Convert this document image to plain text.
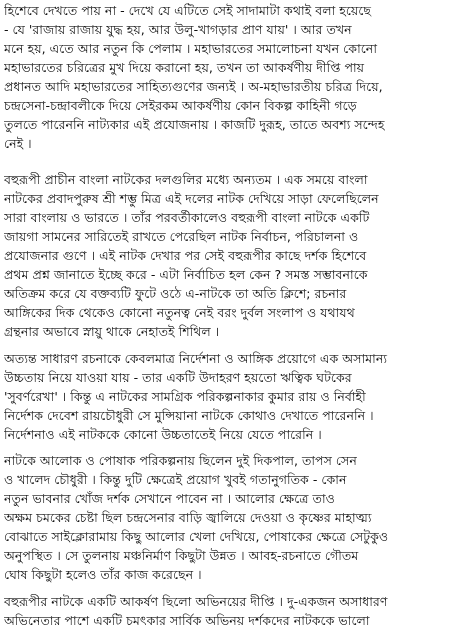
হিশেবে দেখতে পায় না - দেখে যে এটিতে সেই সাদামাটা কথাই বলা হয়েছে
- যে 'রাজায় রাজায় যুদ্ধ হয়, আর উলু-খাগড়ার প্রাণ যায়' । আর তখন
মনে হয়, এতে আর নতুন কি পেলাম । মহাভারতের সমালোচনা যখন কোনো
মহাভারতের চরিত্রের মুখ দিয়ে করানো হয়, তখন তা আকর্ষণীয় দীপ্তি পায়
প্রধানত আদি মহাভারতের সাহিত্যগুণের জন্যই । অ-মহাভারতীয় চরিত্র দিয়ে,
চন্দ্রসেনা-চন্দ্রাবলীকে দিয়ে সেইরকম আকর্ষণীয় কোন বিকল্প কাহিনী গড়ে
তুলতে পারেননি নাট্যকার এই প্রযোজনায় । কাজটি দুরূহ, তাতে অবশ্য সন্দেহ
নেই ।
বহুরূপী প্রাচীন বাংলা নাটকের দলগুলির মধ্যে অন্যতম । এক সময়ে বাংলা
নাটকের প্রবাদপুরুষ শ্রী শম্ভু মিত্র এই দলের নাটক দেখিয়ে সাড়া ফেলেছিলেন
সারা বাংলায় ও ভারতে । তাঁর পরবর্তীকালেও বহুরূপী বাংলা নাটকে একটি
জায়গা সামনের সারিতেই রাখতে পেরেছিল নাটক নির্বাচন, পরিচালনা ও
প্রযোজনার গুণে । এই নাটক দেখার পর সেই বহুরূপীর কাছে দর্শক হিশেবে
প্রথম প্রশ্ন জানাতে ইচ্ছে করে - এটা নির্বাচিত হল কেন ? সমস্ত সম্ভাবনাকে
অতিক্রম করে যে বক্তব্যটি ফুটে ওঠে এ-নাটকে তা অতি ক্লিশে; রচনার
আঙ্গিকের দিক থেকেও কোনো নতুনত্ব নেই বরং দুর্বল সংলাপ ও যথাযথ
গ্রন্থনার অভাবে স্নায়ু থাকে নেহাতই শিথিল ।
অত্যন্ত সাধারণ রচনাকে কেবলমাত্র নির্দেশনা ও আঙ্গিক প্রয়োগে এক অসামান্য
উচ্চতায় নিয়ে যাওয়া যায় - তার একটি উদাহরণ হয়তো ঋত্বিক ঘটকের
'সুবর্ণরেখা' । কিন্তু এ নাটকের সামগ্রিক পরিকল্পনাকার কুমার রায় ও নির্বাহী
নির্দেশক দেবেশ রায়চৌধুরী সে মুন্সিয়ানা নাটকে কোথাও দেখাতে পারেননি ।
নির্দেশনাও এই নাটককে কোনো উচ্চতাতেই নিয়ে যেতে পারেনি ।
নাটকে আলোক ও পোষাক পরিকল্পনায় ছিলেন দুই দিকপাল, তাপস সেন
ও খালেদ চৌধুরী । কিন্তু দুটি ক্ষেত্রেই প্রয়োগ খুবই গতানুগতিক - কোন
নতুন ভাবনার খোঁজ দর্শক সেখানে পাবেন না । আলোর ক্ষেত্রে তাও
অক্ষম চমকের চেষ্টা ছিল চন্দ্রসেনার বাড়ি জ্বালিয়ে দেওয়া ও কৃষ্ণের মাহাত্ম্য
বোঝাতে সাইক্লোরামায় কিছু আলোর খেলা দেখিয়ে, পোষাকের ক্ষেত্রে সেটুকুও
অনুপস্থিত । সে তুলনায় মঞ্চনির্মাণ কিছুটা উন্নত । আবহ-রচনাতে গৌতম
ঘোষ কিছুটা হলেও তাঁর কাজ করেছেন ।
বহুরূপীর নাটকে একটি আকর্ষণ ছিলো অভিনয়ের দীপ্তি । দু-একজন অসাধারণ
অভিনেতার পাশে একটি চমৎকার সার্বিক অভিনয় দর্শকদের নাটককে ভালো
